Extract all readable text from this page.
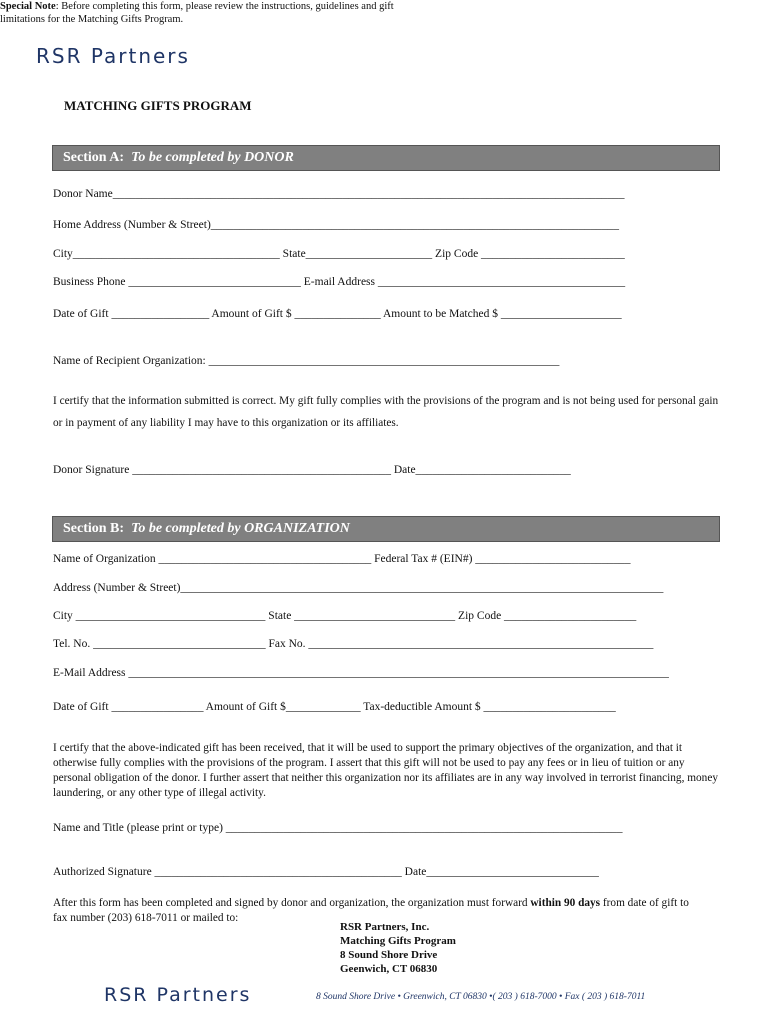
RSR Partners
MATCHING GIFTS PROGRAM
Special Note: Before completing this form, please review the instructions, guidelines and gift limitations for the Matching Gifts Program.
Section A: To be completed by DONOR
Donor Name_________________________________________________________________________________________
Home Address (Number & Street)_______________________________________________________________________
City____________________________________ State______________________ Zip Code _________________________
Business Phone ______________________________ E-mail Address ___________________________________________
Date of Gift _________________ Amount of Gift $ _______________ Amount to be Matched $ _____________________
Name of Recipient Organization: _____________________________________________________________
I certify that the information submitted is correct. My gift fully complies with the provisions of the program and is not being used for personal gain or in payment of any liability I may have to this organization or its affiliates.
Donor Signature _____________________________________________ Date___________________________
Section B: To be completed by ORGANIZATION
Name of Organization _____________________________________ Federal Tax # (EIN#) ___________________________
Address (Number & Street)____________________________________________________________________________________
City _________________________________ State ____________________________ Zip Code _______________________
Tel. No. ______________________________ Fax No. ____________________________________________________________
E-Mail Address ______________________________________________________________________________________________
Date of Gift ________________ Amount of Gift $_____________ Tax-deductible Amount $ _______________________
I certify that the above-indicated gift has been received, that it will be used to support the primary objectives of the organization, and that it otherwise fully complies with the provisions of the program. I assert that this gift will not be used to pay any fees or in lieu of tuition or any personal obligation of the donor. I further assert that neither this organization nor its affiliates are in any way involved in terrorist financing, money laundering, or any other type of illegal activity.
Name and Title (please print or type) _____________________________________________________________________
Authorized Signature ___________________________________________ Date______________________________
After this form has been completed and signed by donor and organization, the organization must forward within 90 days from date of gift to fax number (203) 618-7011 or mailed to:
RSR Partners, Inc.
Matching Gifts Program
8 Sound Shore Drive
Geenwich, CT 06830
RSR Partners	8 Sound Shore Drive • Greenwich, CT 06830 •( 203 ) 618-7000 • Fax ( 203 ) 618-7011
